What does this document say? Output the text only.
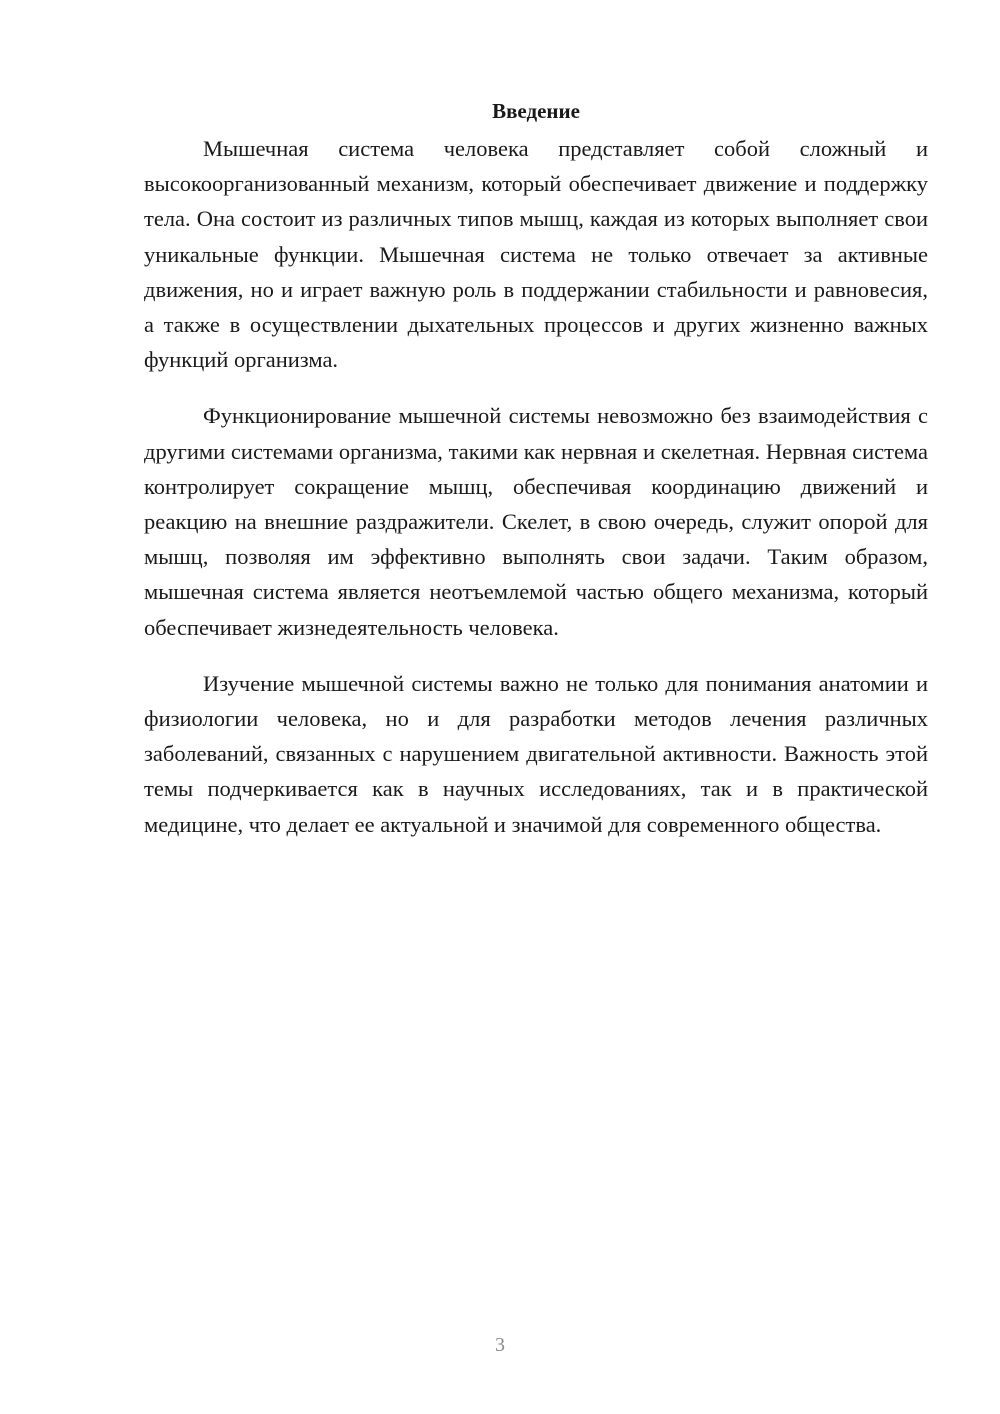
Введение

Мышечная система человека представляет собой сложный и высокоорганизованный механизм, который обеспечивает движение и поддержку тела. Она состоит из различных типов мышц, каждая из которых выполняет свои уникальные функции. Мышечная система не только отвечает за активные движения, но и играет важную роль в поддержании стабильности и равновесия, а также в осуществлении дыхательных процессов и других жизненно важных функций организма.

Функционирование мышечной системы невозможно без взаимодействия с другими системами организма, такими как нервная и скелетная. Нервная система контролирует сокращение мышц, обеспечивая координацию движений и реакцию на внешние раздражители. Скелет, в свою очередь, служит опорой для мышц, позволяя им эффективно выполнять свои задачи. Таким образом, мышечная система является неотъемлемой частью общего механизма, который обеспечивает жизнедеятельность человека.

Изучение мышечной системы важно не только для понимания анатомии и физиологии человека, но и для разработки методов лечения различных заболеваний, связанных с нарушением двигательной активности. Важность этой темы подчеркивается как в научных исследованиях, так и в практической медицине, что делает ее актуальной и значимой для современного общества.

3
